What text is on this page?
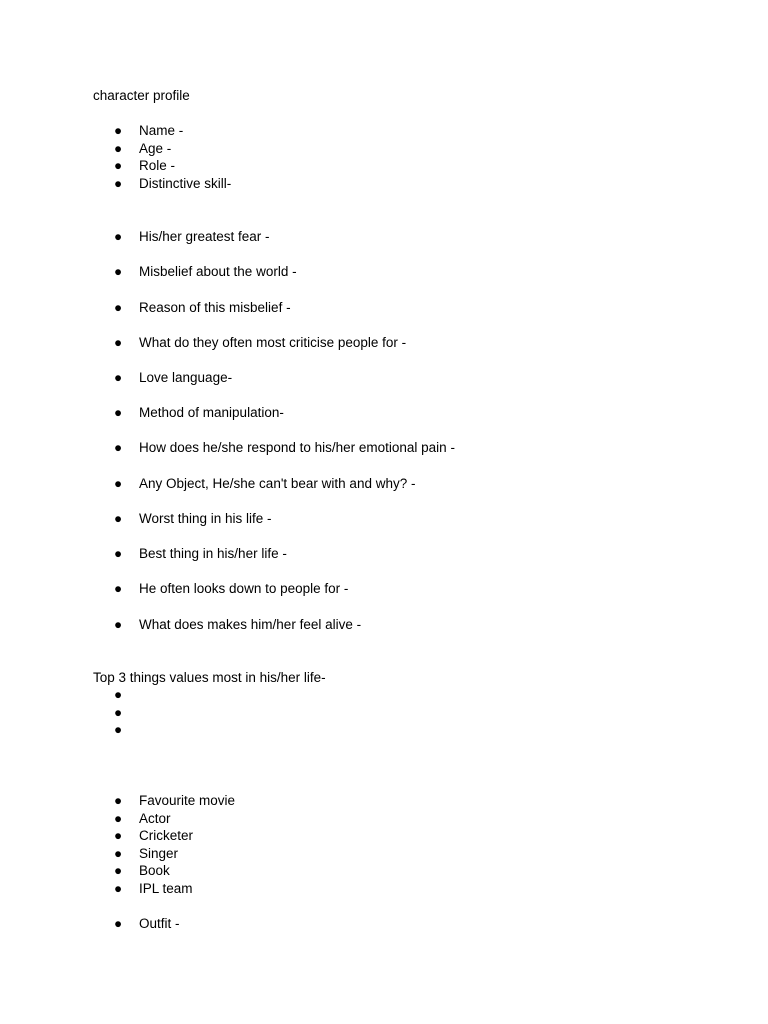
character profile
●	Name -
●	Age -
●	Role -
●	Distinctive skill-
●	His/her greatest fear -
●	Misbelief about the world -
●	Reason of this misbelief -
●	What do they often most criticise people for -
●	Love language-
●	Method of manipulation-
●	How does he/she respond to his/her emotional pain -
●	Any Object, He/she can't bear with and why? -
●	Worst thing in his life -
●	Best thing in his/her life -
●	He often looks down to people for -
●	What does makes him/her feel alive -
Top 3 things values most in his/her life-
●
●
●
●	Favourite movie
●	Actor
●	Cricketer
●	Singer
●	Book
●	IPL team
●	Outfit -
